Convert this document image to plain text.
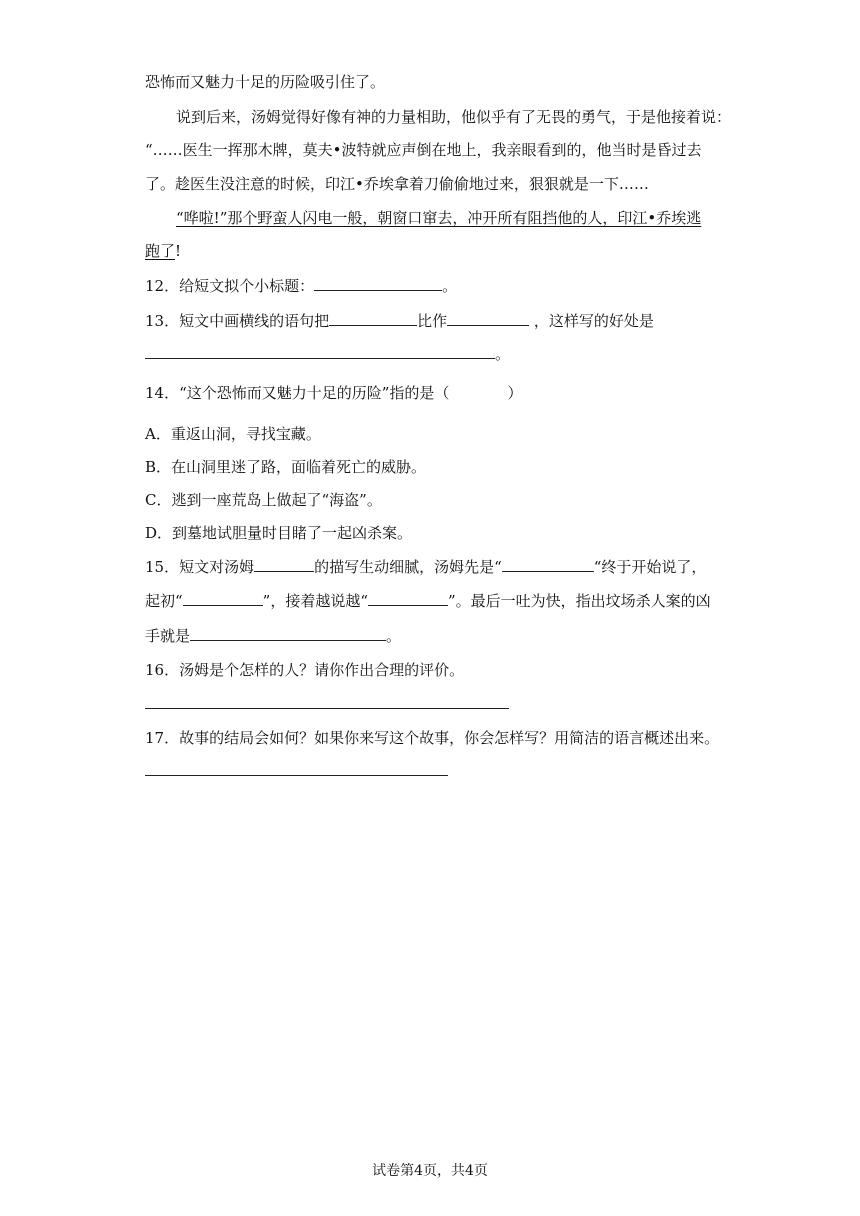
恐怖而又魅力十足的历险吸引住了。
说到后来，汤姆觉得好像有神的力量相助，他似乎有了无畏的勇气，于是他接着说：
“……医生一挥那木牌，莫夫•波特就应声倒在地上，我亲眼看到的，他当时是昏过去
了。趁医生没注意的时候，印江•乔埃拿着刀偷偷地过来，狠狠就是一下……
“哗啦!”那个野蛮人闪电一般，朝窗口窜去，冲开所有阻挡他的人，印江•乔埃逃
跑了!
12．给短文拟个小标题：	。
13．短文中画横线的语句把	比作	，这样写的好处是
。
14．“这个恐怖而又魅力十足的历险”指的是（	）
A．重返山洞，寻找宝藏。
B．在山洞里迷了路，面临着死亡的威胁。
C．逃到一座荒岛上做起了“海盗”。
D．到墓地试胆量时目睹了一起凶杀案。
15．短文对汤姆	的描写生动细腻，汤姆先是“	“终于开始说了，
起初“	”，接着越说越“	”。最后一吐为快，指出坟场杀人案的凶
手就是	。
16．汤姆是个怎样的人？请你作出合理的评价。
17．故事的结局会如何？如果你来写这个故事，你会怎样写？用简洁的语言概述出来。
试卷第4页，共4页
